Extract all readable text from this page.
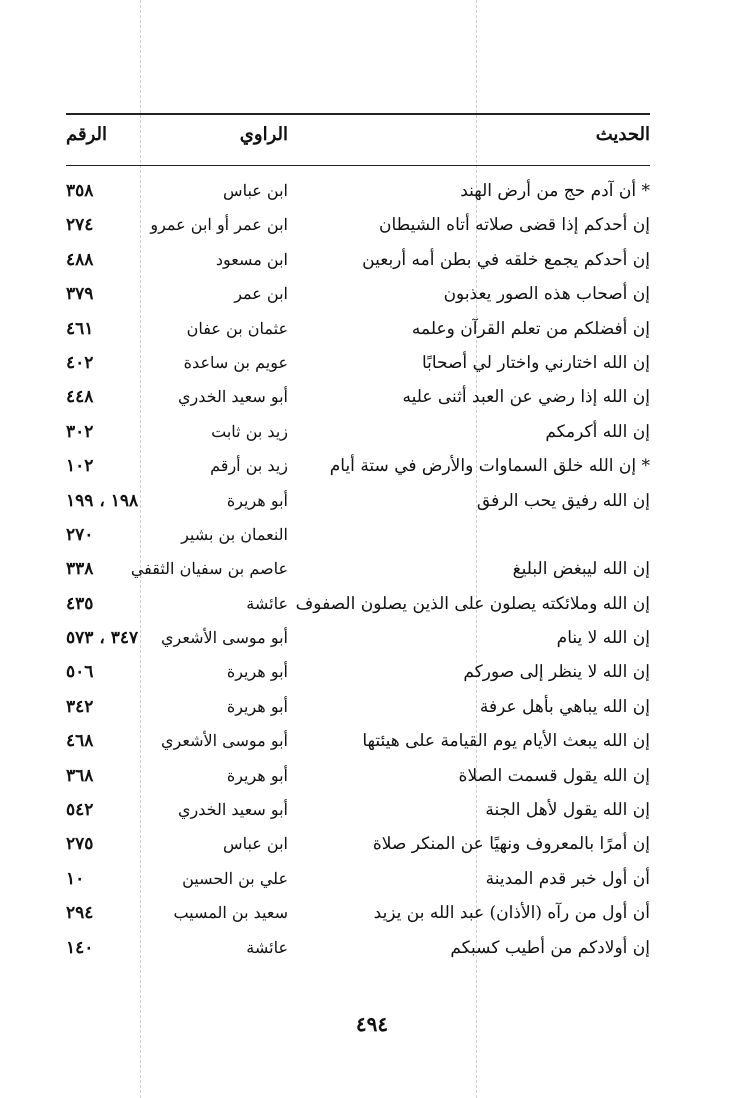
الحديث
الراوي
الرقم
* أن آدم حج من أرض الهند
ابن عباس
٣٥٨
إن أحدكم إذا قضى صلاته أتاه الشيطان
ابن عمر أو ابن عمرو
٢٧٤
إن أحدكم يجمع خلقه في بطن أمه أربعين
ابن مسعود
٤٨٨
إن أصحاب هذه الصور يعذبون
ابن عمر
٣٧٩
إن أفضلكم من تعلم القرآن وعلمه
عثمان بن عفان
٤٦١
إن الله اختارني واختار لي أصحابًا
عويم بن ساعدة
٤٠٢
إن الله إذا رضي عن العبد أثنى عليه
أبو سعيد الخدري
٤٤٨
إن الله أكرمكم
زيد بن ثابت
٣٠٢
* إن الله خلق السماوات والأرض في ستة أيام
زيد بن أرقم
١٠٢
إن الله رفيق يحب الرفق
أبو هريرة
١٩٨ ، ١٩٩
النعمان بن بشير
٢٧٠
إن الله ليبغض البليغ
عاصم بن سفيان الثقفي
٣٣٨
إن الله وملائكته يصلون على الذين يصلون الصفوف
عائشة
٤٣٥
إن الله لا ينام
أبو موسى الأشعري
٣٤٧ ، ٥٧٣
إن الله لا ينظر إلى صوركم
أبو هريرة
٥٠٦
إن الله يباهي بأهل عرفة
أبو هريرة
٣٤٢
إن الله يبعث الأيام يوم القيامة على هيئتها
أبو موسى الأشعري
٤٦٨
إن الله يقول قسمت الصلاة
أبو هريرة
٣٦٨
إن الله يقول لأهل الجنة
أبو سعيد الخدري
٥٤٢
إن أمرًا بالمعروف ونهيًا عن المنكر صلاة
ابن عباس
٢٧٥
أن أول خبر قدم المدينة
علي بن الحسين
١٠
أن أول من رآه (الأذان) عبد الله بن يزيد
سعيد بن المسيب
٢٩٤
إن أولادكم من أطيب كسبكم
عائشة
١٤٠
٤٩٤
